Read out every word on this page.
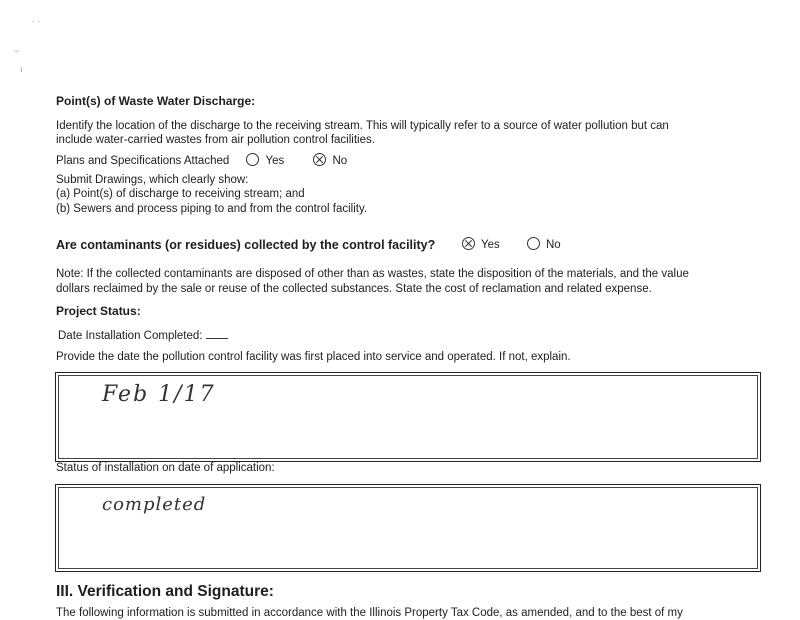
· ·
~
ı
Point(s) of Waste Water Discharge:
Identify the location of the discharge to the receiving stream. This will typically refer to a source of water pollution but can
include water-carried wastes from air pollution control facilities.
Plans and Specifications Attached	Yes	No
Submit Drawings, which clearly show:
(a) Point(s) of discharge to receiving stream; and
(b) Sewers and process piping to and from the control facility.
Are contaminants (or residues) collected by the control facility?	Yes	No
Note: If the collected contaminants are disposed of other than as wastes, state the disposition of the materials, and the value
dollars reclaimed by the sale or reuse of the collected substances. State the cost of reclamation and related expense.
Project Status:
Date Installation Completed:
Provide the date the pollution control facility was first placed into service and operated. If not, explain.
Feb 1/17
Status of installation on date of application:
completed
III. Verification and Signature:
The following information is submitted in accordance with the Illinois Property Tax Code, as amended, and to the best of my
